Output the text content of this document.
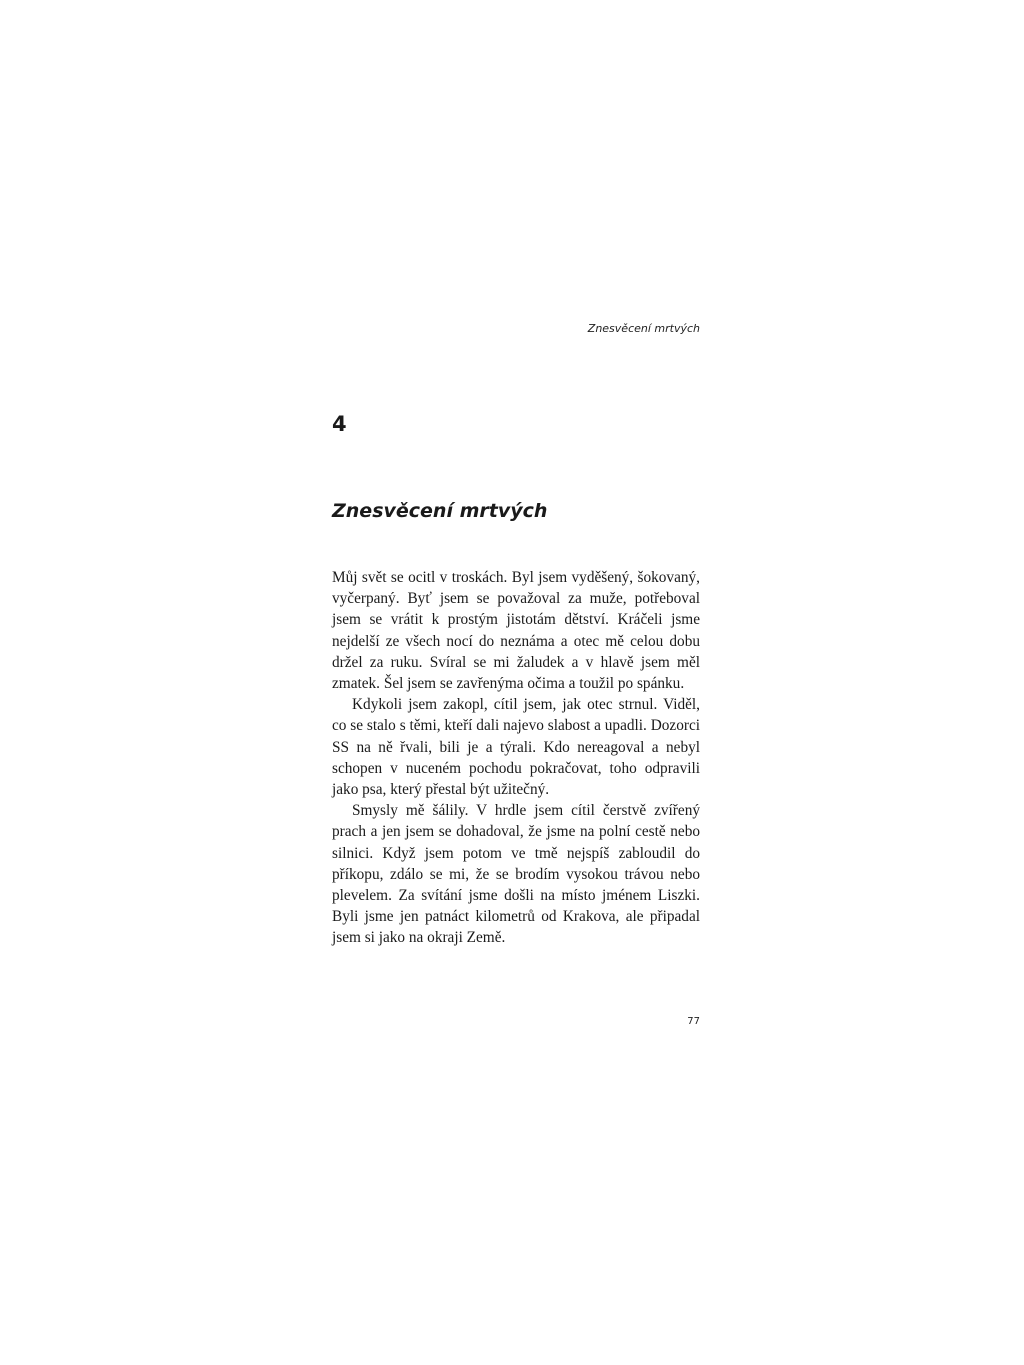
Znesvěcení mrtvých
4
Znesvěcení mrtvých

Můj svět se ocitl v troskách. Byl jsem vyděšený, šokovaný, vyčerpaný. Byť jsem se považoval za muže, potřeboval jsem se vrátit k prostým jistotám dětství. Kráčeli jsme nejdelší ze všech nocí do neznáma a otec mě celou dobu držel za ruku. Svíral se mi žaludek a v hlavě jsem měl zmatek. Šel jsem se zavřenýma očima a toužil po spánku.

Kdykoli jsem zakopl, cítil jsem, jak otec strnul. Viděl, co se stalo s těmi, kteří dali najevo slabost a upadli. Dozorci SS na ně řvali, bili je a týrali. Kdo nereagoval a nebyl schopen v nuceném pochodu pokračovat, toho odpravili jako psa, který přestal být užitečný.

Smysly mě šálily. V hrdle jsem cítil čerstvě zvířený prach a jen jsem se dohadoval, že jsme na polní cestě nebo silnici. Když jsem potom ve tmě nejspíš zabloudil do příkopu, zdálo se mi, že se brodím vysokou trávou nebo plevelem. Za svítání jsme došli na místo jménem Liszki. Byli jsme jen patnáct kilometrů od Krakova, ale připadal jsem si jako na okraji Země.

77
